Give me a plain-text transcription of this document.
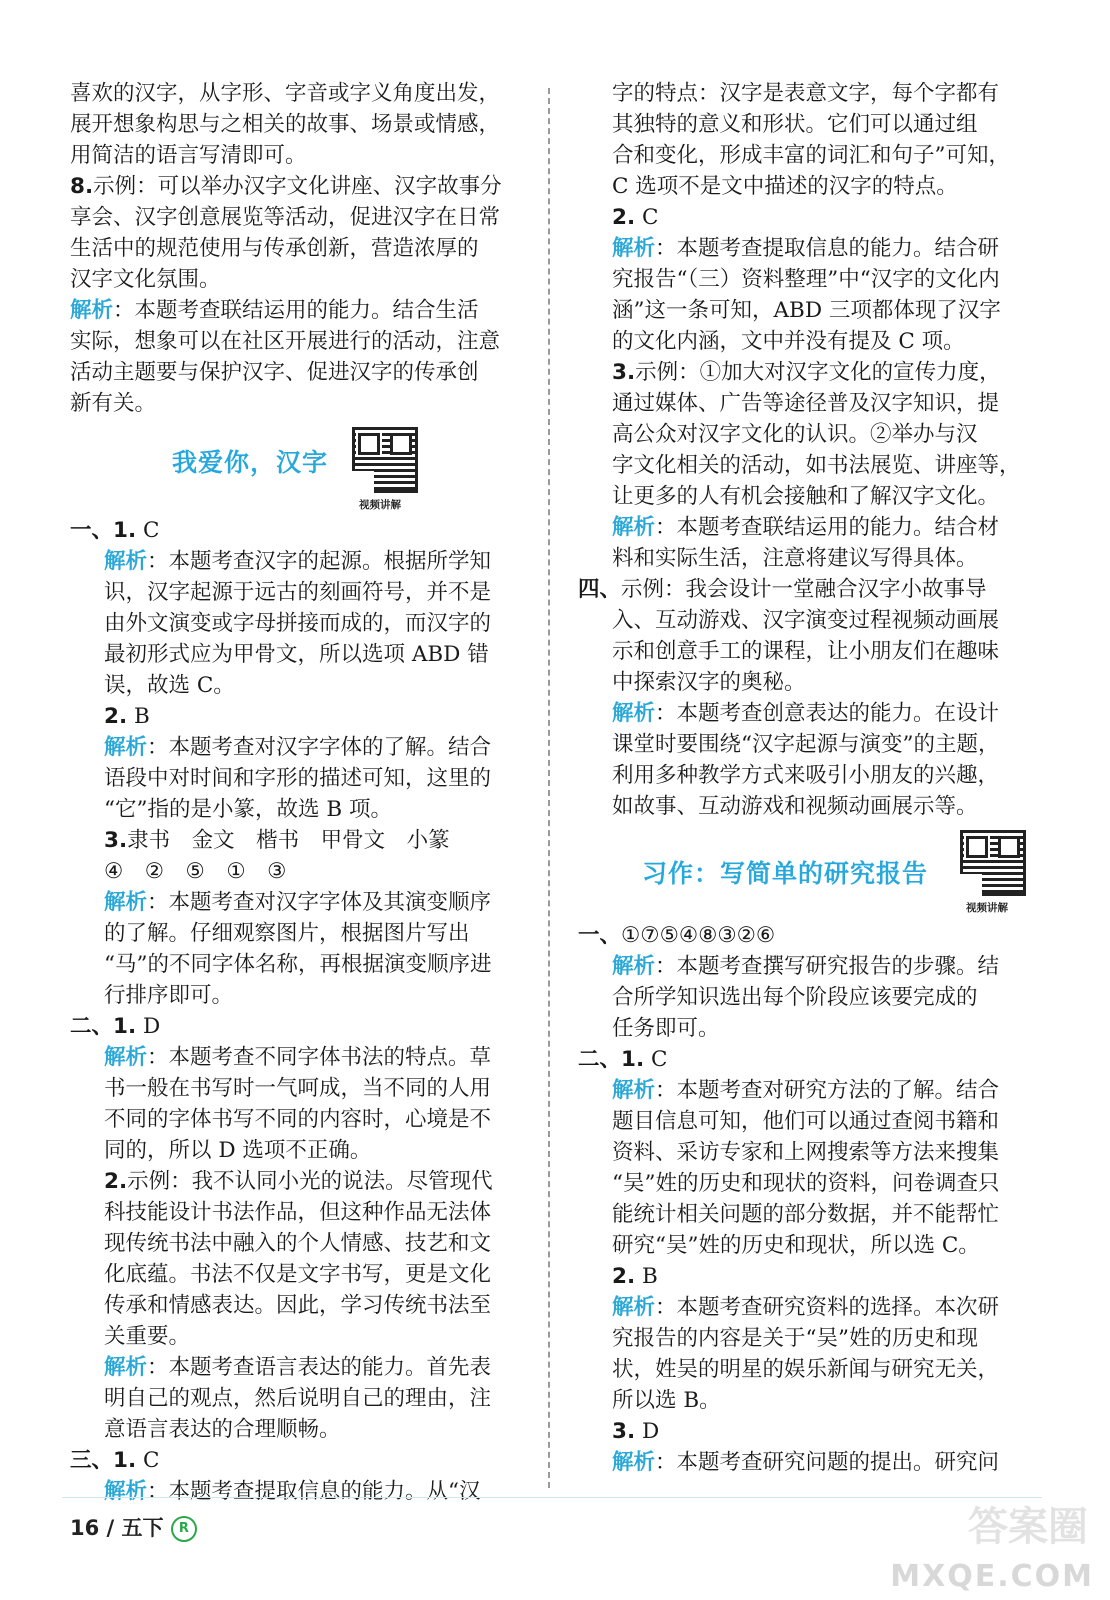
喜欢的汉字，从字形、字音或字义角度出发，
展开想象构思与之相关的故事、场景或情感，
用简洁的语言写清即可。
8.示例：可以举办汉字文化讲座、汉字故事分
享会、汉字创意展览等活动，促进汉字在日常
生活中的规范使用与传承创新，营造浓厚的
汉字文化氛围。
解析：本题考查联结运用的能力。结合生活
实际，想象可以在社区开展进行的活动，注意
活动主题要与保护汉字、促进汉字的传承创
新有关。
我爱你，汉字
视频讲解
一、1. C
解析：本题考查汉字的起源。根据所学知
识，汉字起源于远古的刻画符号，并不是
由外文演变或字母拼接而成的，而汉字的
最初形式应为甲骨文，所以选项 ABD 错
误，故选 C。
2. B
解析：本题考查对汉字字体的了解。结合
语段中对时间和字形的描述可知，这里的
“它”指的是小篆，故选 B 项。
3.隶书　金文　楷书　甲骨文　小篆
④　②　⑤　①　③
解析：本题考查对汉字字体及其演变顺序
的了解。仔细观察图片，根据图片写出
“马”的不同字体名称，再根据演变顺序进
行排序即可。
二、1. D
解析：本题考查不同字体书法的特点。草
书一般在书写时一气呵成，当不同的人用
不同的字体书写不同的内容时，心境是不
同的，所以 D 选项不正确。
2.示例：我不认同小光的说法。尽管现代
科技能设计书法作品，但这种作品无法体
现传统书法中融入的个人情感、技艺和文
化底蕴。书法不仅是文字书写，更是文化
传承和情感表达。因此，学习传统书法至
关重要。
解析：本题考查语言表达的能力。首先表
明自己的观点，然后说明自己的理由，注
意语言表达的合理顺畅。
三、1. C
解析：本题考查提取信息的能力。从“汉
字的特点：汉字是表意文字，每个字都有
其独特的意义和形状。它们可以通过组
合和变化，形成丰富的词汇和句子”可知，
C 选项不是文中描述的汉字的特点。
2. C
解析：本题考查提取信息的能力。结合研
究报告“（三）资料整理”中“汉字的文化内
涵”这一条可知，ABD 三项都体现了汉字
的文化内涵，文中并没有提及 C 项。
3.示例：①加大对汉字文化的宣传力度，
通过媒体、广告等途径普及汉字知识，提
高公众对汉字文化的认识。②举办与汉
字文化相关的活动，如书法展览、讲座等，
让更多的人有机会接触和了解汉字文化。
解析：本题考查联结运用的能力。结合材
料和实际生活，注意将建议写得具体。
四、示例：我会设计一堂融合汉字小故事导
入、互动游戏、汉字演变过程视频动画展
示和创意手工的课程，让小朋友们在趣味
中探索汉字的奥秘。
解析：本题考查创意表达的能力。在设计
课堂时要围绕“汉字起源与演变”的主题，
利用多种教学方式来吸引小朋友的兴趣，
如故事、互动游戏和视频动画展示等。
习作：写简单的研究报告
视频讲解
一、①⑦⑤④⑧③②⑥
解析：本题考查撰写研究报告的步骤。结
合所学知识选出每个阶段应该要完成的
任务即可。
二、1. C
解析：本题考查对研究方法的了解。结合
题目信息可知，他们可以通过查阅书籍和
资料、采访专家和上网搜索等方法来搜集
“吴”姓的历史和现状的资料，问卷调查只
能统计相关问题的部分数据，并不能帮忙
研究“吴”姓的历史和现状，所以选 C。
2. B
解析：本题考查研究资料的选择。本次研
究报告的内容是关于“吴”姓的历史和现
状，姓吴的明星的娱乐新闻与研究无关，
所以选 B。
3. D
解析：本题考查研究问题的提出。研究问
16 / 五下 R	答案圈
MXQE.COM
